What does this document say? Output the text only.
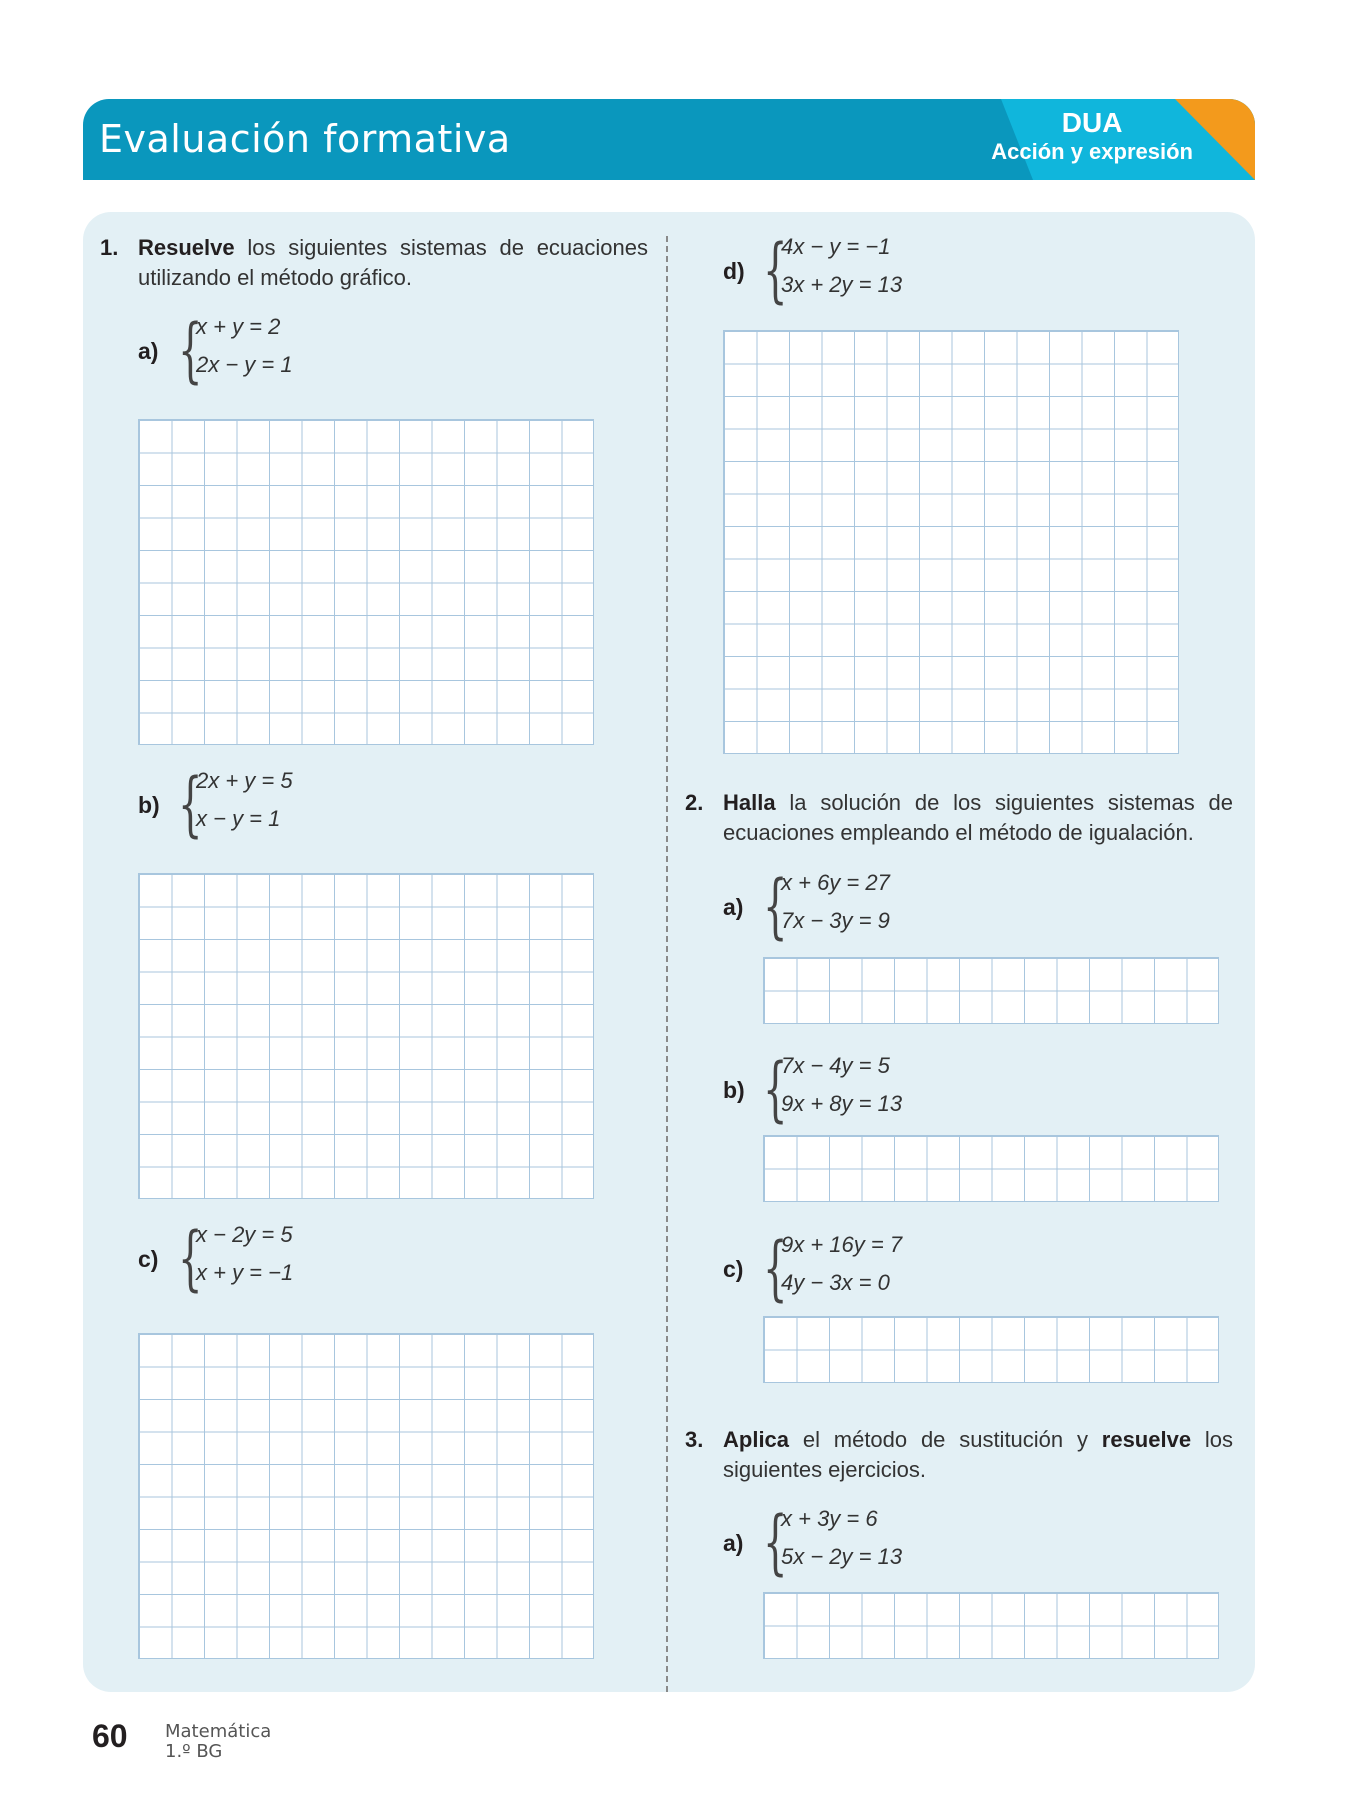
Evaluación formativa	DUA
Acción y expresión
1. Resuelve los siguientes sistemas de ecuaciones utilizando el método gráfico.
a) {
x + y = 2
2x − y = 1
b) {
2x + y = 5
x − y = 1
c) {
x − 2y = 5
x + y = −1
d) {
4x − y = −1
3x + 2y = 13
2. Halla la solución de los siguientes sistemas de ecuaciones empleando el método de igualación.
a) {
x + 6y = 27
7x − 3y = 9
b) {
7x − 4y = 5
9x + 8y = 13
c) {
9x + 16y = 7
4y − 3x = 0
3. Aplica el método de sustitución y resuelve los siguientes ejercicios.
a) {
x + 3y = 6
5x − 2y = 13
60 Matemática
1.º BG
